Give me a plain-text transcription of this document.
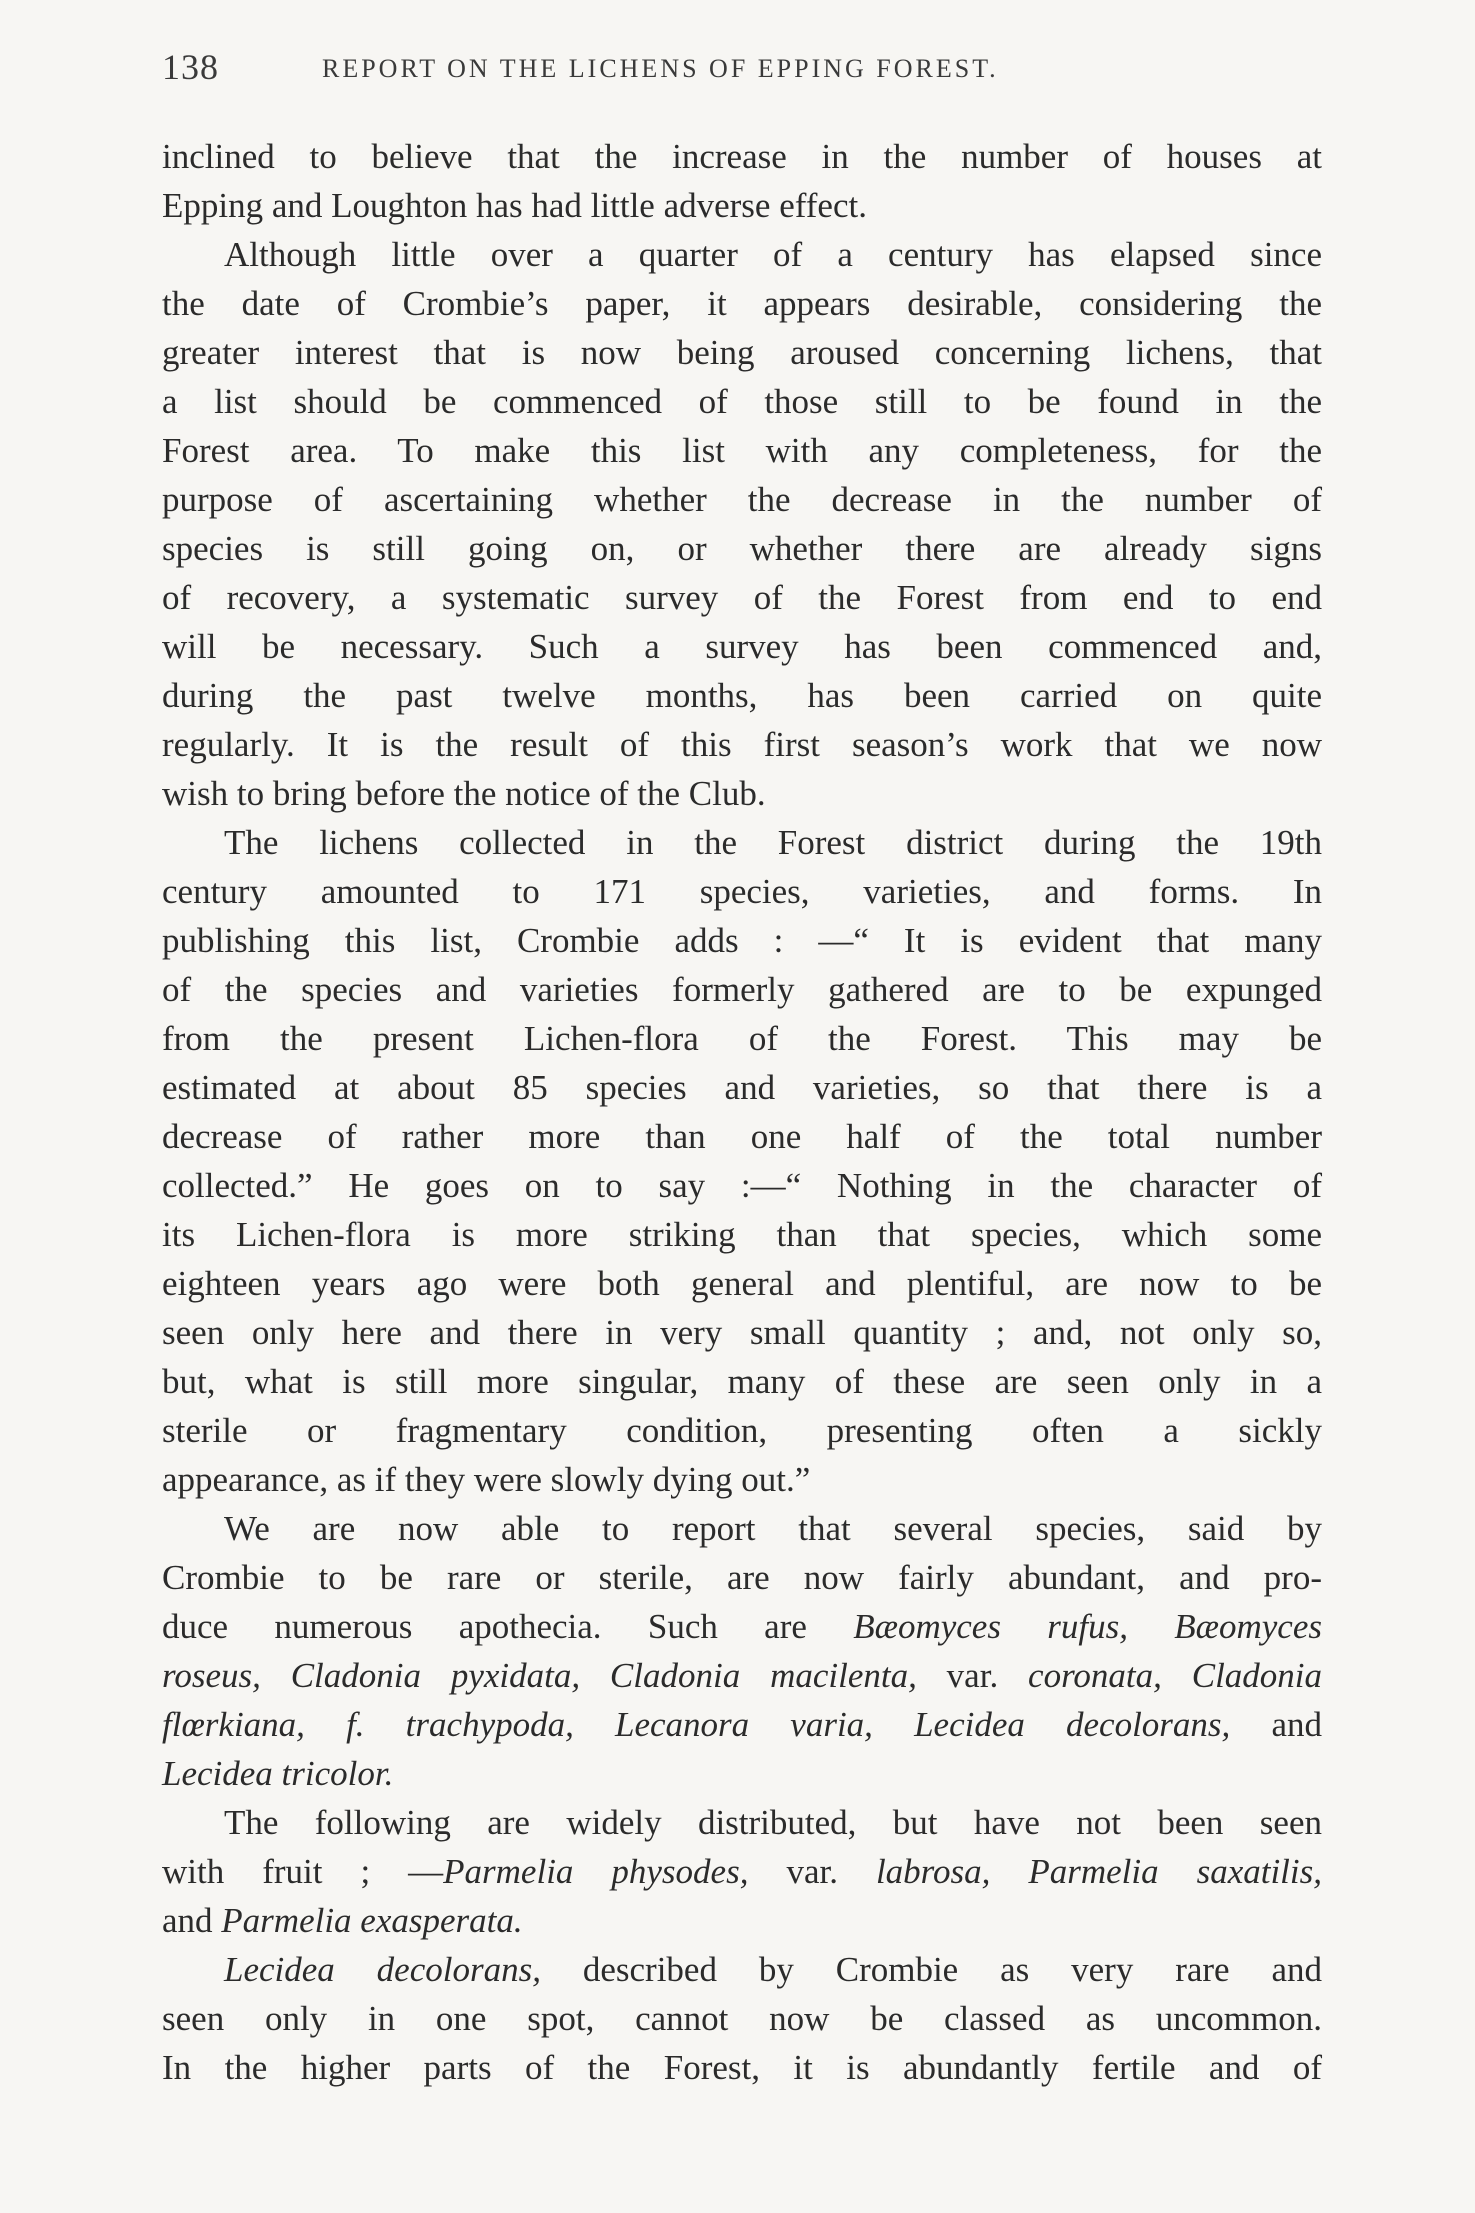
138	REPORT ON THE LICHENS OF EPPING FOREST.
inclined to believe that the increase in the number of houses at
Epping and Loughton has had little adverse effect.
Although little over a quarter of a century has elapsed since
the date of Crombie’s paper, it appears desirable, considering the
greater interest that is now being aroused concerning lichens, that
a list should be commenced of those still to be found in the
Forest area. To make this list with any completeness, for the
purpose of ascertaining whether the decrease in the number of
species is still going on, or whether there are already signs
of recovery, a systematic survey of the Forest from end to end
will be necessary. Such a survey has been commenced and,
during the past twelve months, has been carried on quite
regularly. It is the result of this first season’s work that we now
wish to bring before the notice of the Club.
The lichens collected in the Forest district during the 19th
century amounted to 171 species, varieties, and forms. In
publishing this list, Crombie adds : —“ It is evident that many
of the species and varieties formerly gathered are to be expunged
from the present Lichen-flora of the Forest. This may be
estimated at about 85 species and varieties, so that there is a
decrease of rather more than one half of the total number
collected.” He goes on to say :—“ Nothing in the character of
its Lichen-flora is more striking than that species, which some
eighteen years ago were both general and plentiful, are now to be
seen only here and there in very small quantity ; and, not only so,
but, what is still more singular, many of these are seen only in a
sterile or fragmentary condition, presenting often a sickly
appearance, as if they were slowly dying out.”
We are now able to report that several species, said by
Crombie to be rare or sterile, are now fairly abundant, and pro-
duce numerous apothecia. Such are Bæomyces rufus, Bæomyces
roseus, Cladonia pyxidata, Cladonia macilenta, var. coronata, Cladonia
flœrkiana, f. trachypoda, Lecanora varia, Lecidea decolorans, and
Lecidea tricolor.
The following are widely distributed, but have not been seen
with fruit ; —Parmelia physodes, var. labrosa, Parmelia saxatilis,
and Parmelia exasperata.
Lecidea decolorans, described by Crombie as very rare and
seen only in one spot, cannot now be classed as uncommon.
In the higher parts of the Forest, it is abundantly fertile and of
